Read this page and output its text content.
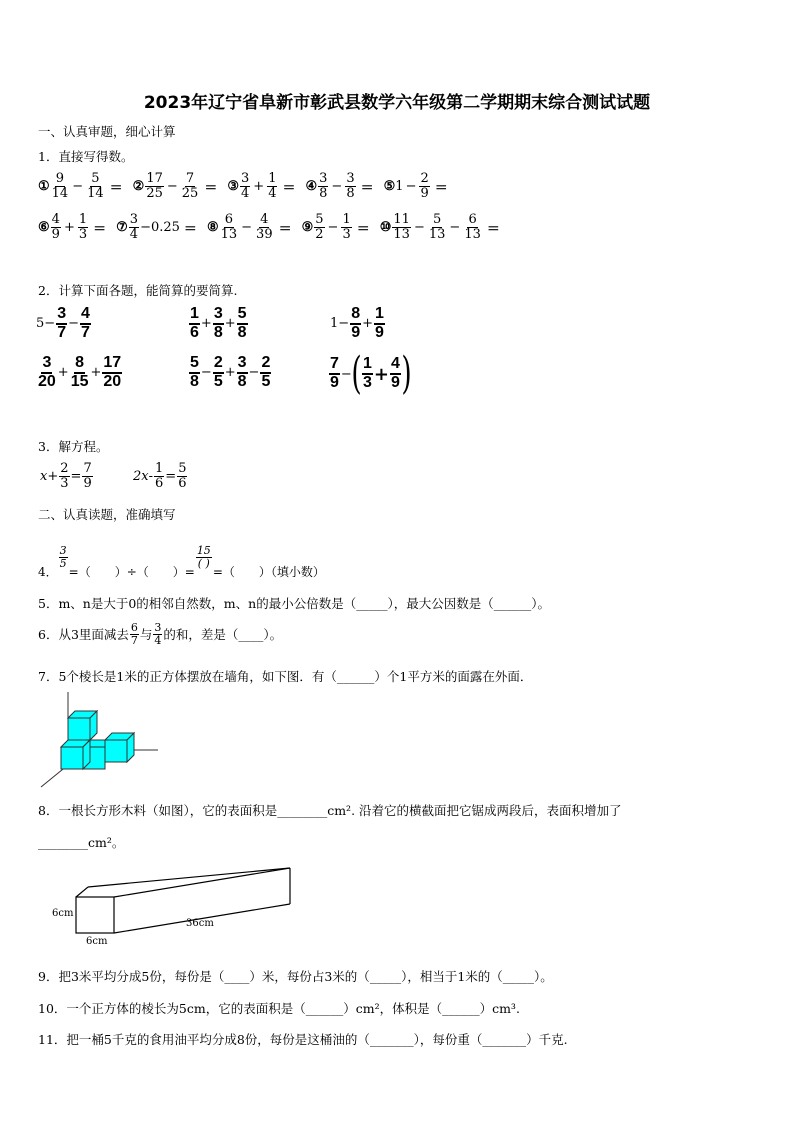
2023年辽宁省阜新市彰武县数学六年级第二学期期末综合测试试题
一、认真审题，细心计算
1．直接写得数。
① $\frac{9}{14} - \frac{5}{14}$ ＝ ② $\frac{17}{25} - \frac{7}{25}$ ＝ ③ $\frac{3}{4} + \frac{1}{4}$ ＝ ④ $\frac{3}{8} - \frac{3}{8}$ ＝ ⑤ $1 - \frac{2}{9}$ ＝
⑥ $\frac{4}{9} + \frac{1}{3}$ ＝ ⑦ $\frac{3}{4} -0.25$ ＝ ⑧ $\frac{6}{13} - \frac{4}{39}$ ＝ ⑨ $\frac{5}{2} - \frac{1}{3}$ ＝ ⑩ $\frac{11}{13} - \frac{5}{13} - \frac{6}{13}$ ＝
2．计算下面各题，能简算的要简算.
$5 - \frac{3}{7} - \frac{4}{7}$	$\frac{1}{6} + \frac{3}{8} + \frac{5}{8}$	$1 - \frac{8}{9} + \frac{1}{9}$
$\frac{3}{20} + \frac{8}{15} + \frac{17}{20}$	$\frac{5}{8} - \frac{2}{5} + \frac{3}{8} - \frac{2}{5}$	$\frac{7}{9}$ − ( $\frac{1}{3} + \frac{4}{9}$ )
3．解方程。
$x + \frac{2}{3} = \frac{7}{9}$	$2x - \frac{1}{6} = \frac{5}{6}$
二、认真读题，准确填写
4．
$\frac{3}{5}$
=（　　）÷（　　）=
$\frac{15}{( )}$
=（　　）（填小数）
5．m、n是大于0的相邻自然数，m、n的最小公倍数是（_____），最大公因数是（______）。
6．从3里面减去 $\frac{6}{7}$ 与 $\frac{3}{4}$ 的和，差是（____）。
7．5个棱长是1米的正方体摆放在墙角，如下图．有（______）个1平方米的面露在外面．
8．一根长方形木料（如图），它的表面积是________cm². 沿着它的横截面把它锯成两段后，表面积增加了
________cm²。
6cm
6cm
36cm
9．把3米平均分成5份，每份是（____）米，每份占3米的（_____），相当于1米的（_____）。
10．一个正方体的棱长为5cm，它的表面积是（______）cm²，体积是（______）cm³.
11．把一桶5千克的食用油平均分成8份，每份是这桶油的（_______），每份重（_______）千克.
